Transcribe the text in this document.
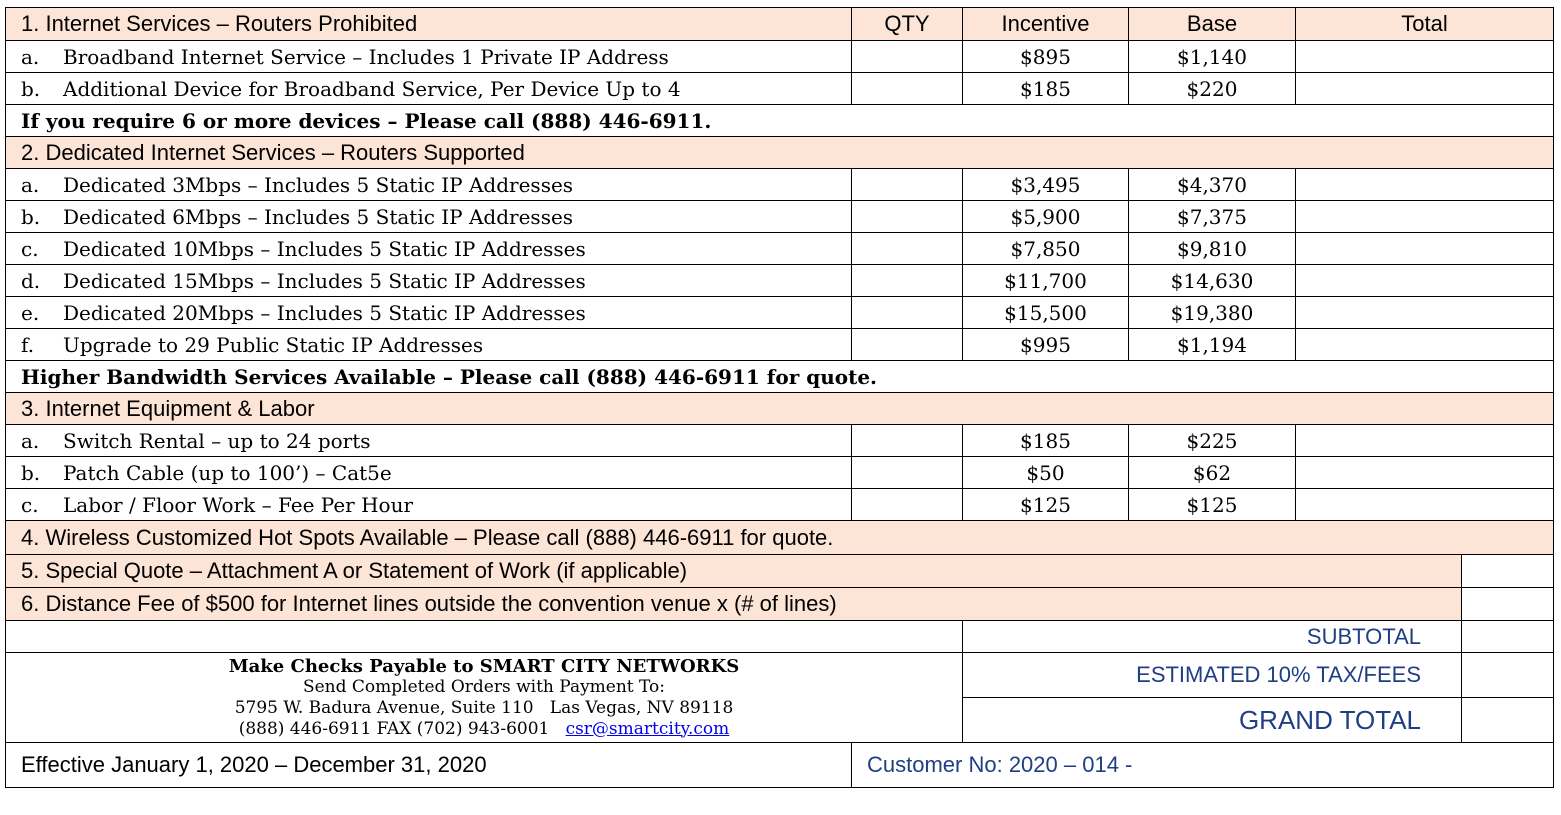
1. Internet Services – Routers Prohibited	QTY	Incentive	Base	Total	
a. Broadband Internet Service – Includes 1 Private IP Address		$895	$1,140		
b. Additional Device for Broadband Service, Per Device Up to 4		$185	$220		
If you require 6 or more devices – Please call (888) 446-6911.					
2. Dedicated Internet Services – Routers Supported					
a. Dedicated 3Mbps – Includes 5 Static IP Addresses		$3,495	$4,370		
b. Dedicated 6Mbps – Includes 5 Static IP Addresses		$5,900	$7,375		
c. Dedicated 10Mbps – Includes 5 Static IP Addresses		$7,850	$9,810		
d. Dedicated 15Mbps – Includes 5 Static IP Addresses		$11,700	$14,630		
e. Dedicated 20Mbps – Includes 5 Static IP Addresses		$15,500	$19,380		
f. Upgrade to 29 Public Static IP Addresses		$995	$1,194		
Higher Bandwidth Services Available – Please call (888) 446-6911 for quote.					
3. Internet Equipment & Labor					
a. Switch Rental – up to 24 ports		$185	$225		
b. Patch Cable (up to 100’) – Cat5e		$50	$62		
c. Labor / Floor Work – Fee Per Hour		$125	$125		
4. Wireless Customized Hot Spots Available – Please call (888) 446-6911 for quote.					
5. Special Quote – Attachment A or Statement of Work (if applicable)					
6. Distance Fee of $500 for Internet lines outside the convention venue x (# of lines)					
		SUBTOTAL			

Make Checks Payable to SMART CITY NETWORKS
Send Completed Orders with Payment To:
5795 W. Badura Avenue, Suite 110   Las Vegas, NV 89118
(888) 446-6911 FAX (702) 943-6001 csr@smartcity.com		ESTIMATED 10% TAX/FEES			
		GRAND TOTAL			
Effective January 1, 2020 – December 31, 2020	Customer No: 2020 – 014 -				
